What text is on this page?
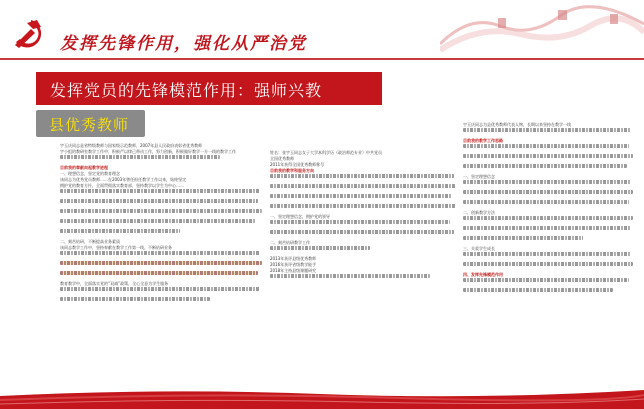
发挥先锋作用，强化从严治党
发挥党员的先锋模范作用：强师兴教
县优秀教师
宇玉庆同志是省特级教师与国家级示范教师，2007年县人民政府表彰省优秀教师
宇小组的教研室教学工作中，积极严以律己带动工作，努力创新，积极做好教学一方一线的教学工作
目前我的奉献向起教学进程
一、理想信念，坚定党的教育理念
该同志为优秀党员教师……在2003年曾任担任教学工作以来，始终坚定
拥护党的教育方针，全面贯彻落实教育部，坚持教学以学生为中心……
二、刻苦钻研，不断提高业务素质
该同志教学工作中，坚持奉献在教学工作第一线，不断钻研业务
教育教学中，全面落实党的“双减”政策，全心全意为学生服务
姓名：张宇玉同志女子大学本科学历（政治师范专业）中共党员
全国优秀教师
2011年获得全国优秀教师称号
目前我的教学和服务方向
一、坚定理想信念，拥护党的领导
二、刻苦钻研教学工作
2013年获评县级优秀教师
2016年获评省级教学能手
2018年主持县级课题研究
宇玉庆同志为县优秀教师代表人物，长期以来坚持在教学一线
目前我的教学工作思路
一、坚定理想信念
二、创新教学方法
三、关爱学生成长
四、发挥先锋模范作用
